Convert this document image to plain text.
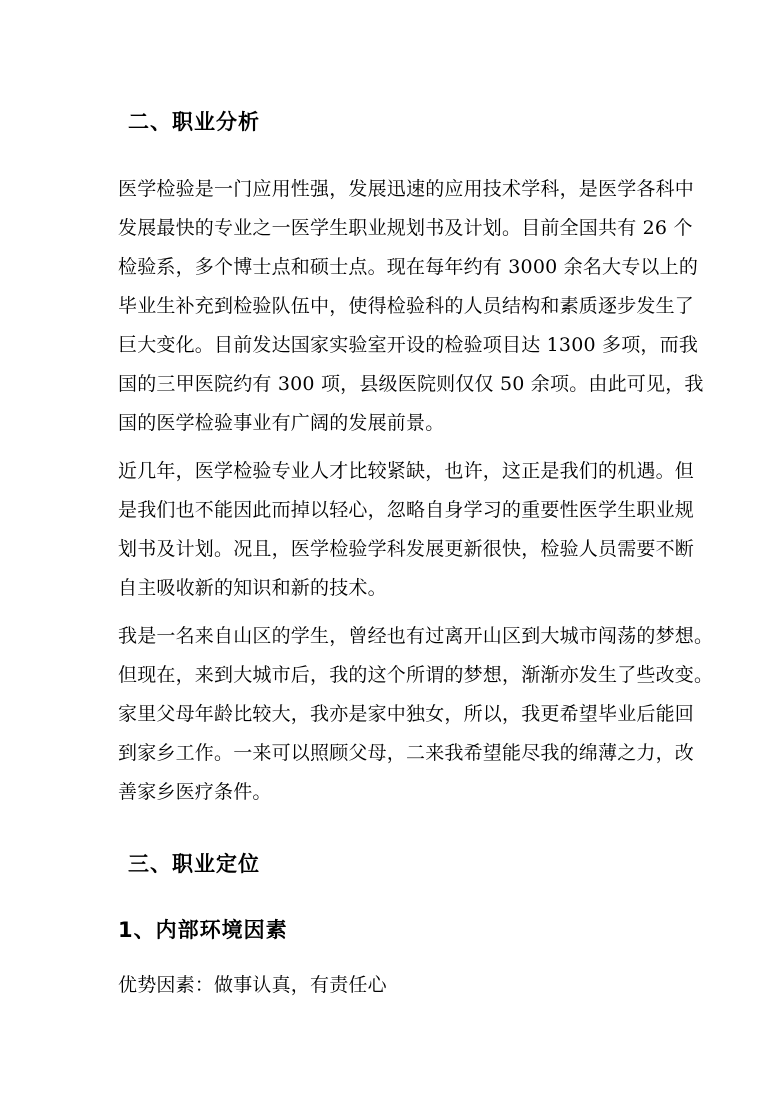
二、职业分析
医学检验是一门应用性强，发展迅速的应用技术学科，是医学各科中
发展最快的专业之一医学生职业规划书及计划。目前全国共有 26 个
检验系，多个博士点和硕士点。现在每年约有 3000 余名大专以上的
毕业生补充到检验队伍中，使得检验科的人员结构和素质逐步发生了
巨大变化。目前发达国家实验室开设的检验项目达 1300 多项，而我
国的三甲医院约有 300 项，县级医院则仅仅 50 余项。由此可见，我
国的医学检验事业有广阔的发展前景。
近几年，医学检验专业人才比较紧缺，也许，这正是我们的机遇。但
是我们也不能因此而掉以轻心，忽略自身学习的重要性医学生职业规
划书及计划。况且，医学检验学科发展更新很快，检验人员需要不断
自主吸收新的知识和新的技术。
我是一名来自山区的学生，曾经也有过离开山区到大城市闯荡的梦想。
但现在，来到大城市后，我的这个所谓的梦想，渐渐亦发生了些改变。
家里父母年龄比较大，我亦是家中独女，所以，我更希望毕业后能回
到家乡工作。一来可以照顾父母，二来我希望能尽我的绵薄之力，改
善家乡医疗条件。
三、职业定位
1、内部环境因素
优势因素：做事认真，有责任心
